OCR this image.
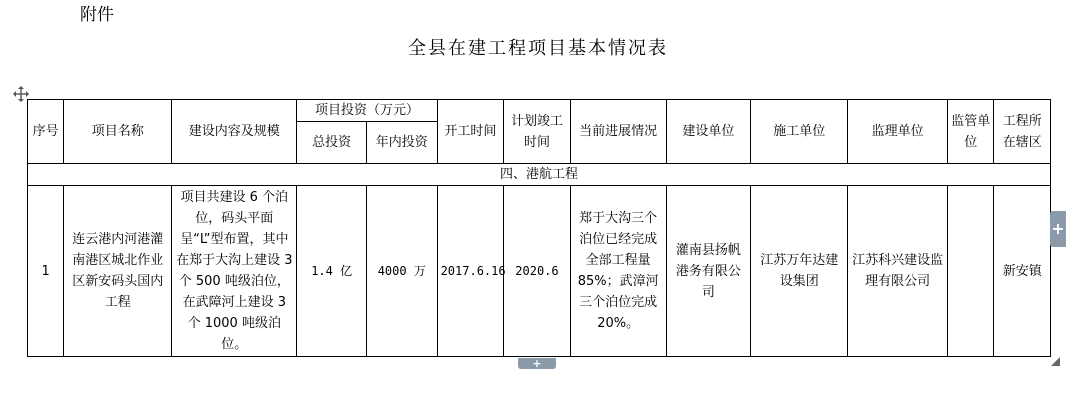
附件
全县在建工程项目基本情况表
序号	项目名称	建设内容及规模	项目投资（万元）		开工时间	计划竣工时间	当前进展情况	建设单位	施工单位	监理单位	监管单位	工程所在辖区
			总投资	年内投资								
四、港航工程												
1	连云港内河港灌南港区城北作业区新安码头国内工程	项目共建设 6 个泊位，码头平面呈“L”型布置，其中在郑于大沟上建设 3 个 500 吨级泊位，在武障河上建设 3 个 1000 吨级泊位。	1.4 亿	4000 万	2017.6.16	2020.6	郑于大沟三个泊位已经完成全部工程量 85%；武漳河三个泊位完成 20%。	灌南县扬帆港务有限公司	江苏万年达建设集团	江苏科兴建设监理有限公司		新安镇
+
+
